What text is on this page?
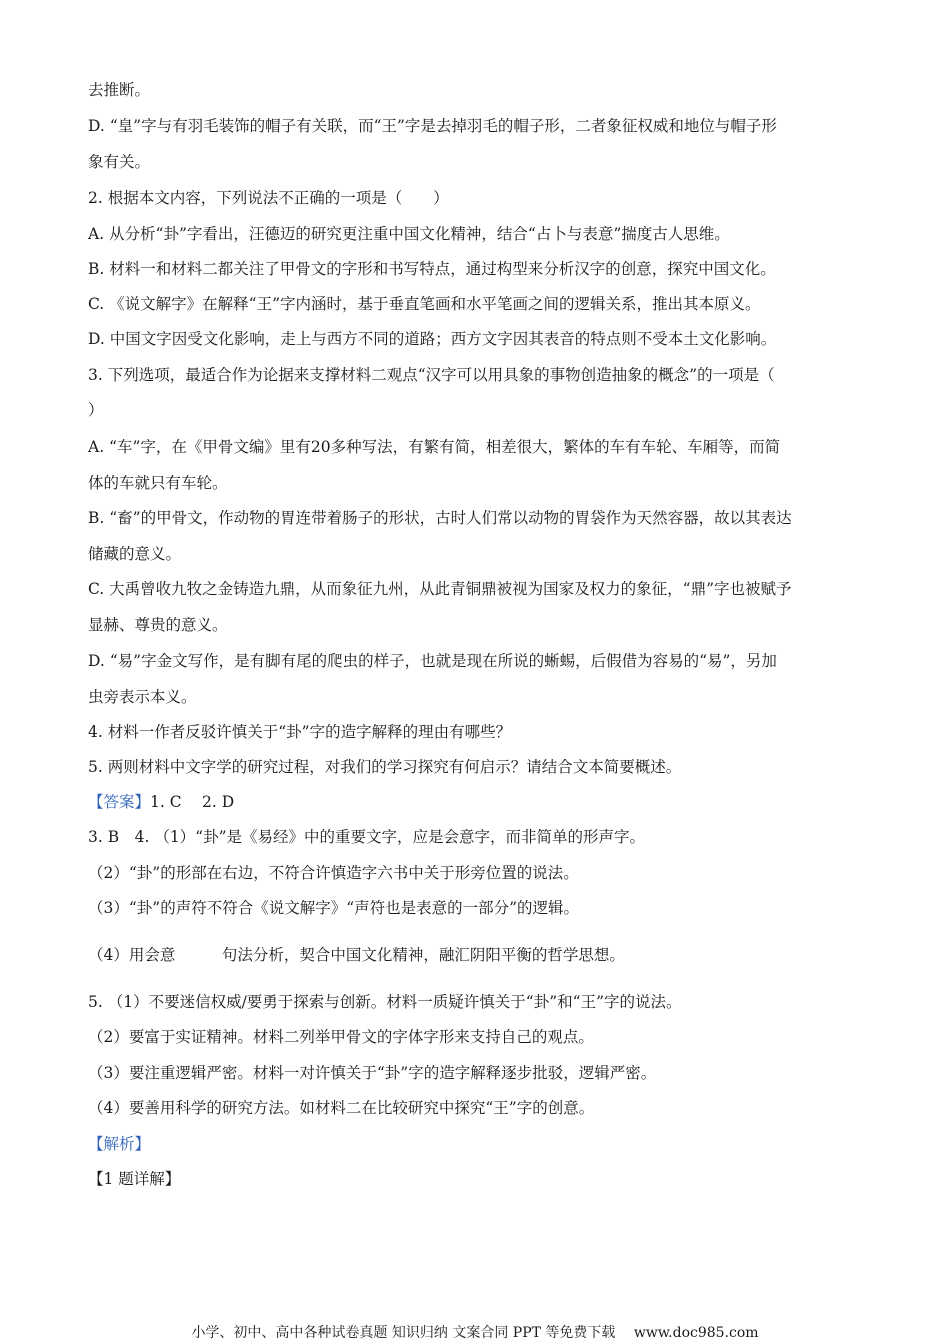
去推断。
D. “皇”字与有羽毛装饰的帽子有关联，而“王”字是去掉羽毛的帽子形，二者象征权威和地位与帽子形
象有关。
2. 根据本文内容，下列说法不正确的一项是（　　）
A. 从分析“卦”字看出，汪德迈的研究更注重中国文化精神，结合“占卜与表意”揣度古人思维。
B. 材料一和材料二都关注了甲骨文的字形和书写特点，通过构型来分析汉字的创意，探究中国文化。
C. 《说文解字》在解释“王”字内涵时，基于垂直笔画和水平笔画之间的逻辑关系，推出其本原义。
D. 中国文字因受文化影响，走上与西方不同的道路；西方文字因其表音的特点则不受本土文化影响。
3. 下列选项，最适合作为论据来支撑材料二观点“汉字可以用具象的事物创造抽象的概念”的一项是（
）
A. “车”字，在《甲骨文编》里有20多种写法，有繁有简，相差很大，繁体的车有车轮、车厢等，而简
体的车就只有车轮。
B. “畜”的甲骨文，作动物的胃连带着肠子的形状，古时人们常以动物的胃袋作为天然容器，故以其表达
储藏的意义。
C. 大禹曾收九牧之金铸造九鼎，从而象征九州，从此青铜鼎被视为国家及权力的象征，“鼎”字也被赋予
显赫、尊贵的意义。
D. “易”字金文写作，是有脚有尾的爬虫的样子，也就是现在所说的蜥蜴，后假借为容易的“易”，另加
虫旁表示本义。
4. 材料一作者反驳许慎关于“卦”字的造字解释的理由有哪些？
5. 两则材料中文字学的研究过程，对我们的学习探究有何启示？请结合文本简要概述。
【答案】1. C　 2. D
3. B　4. （1）“卦”是《易经》中的重要文字，应是会意字，而非简单的形声字。
（2）“卦”的形部在右边，不符合许慎造字六书中关于形旁位置的说法。
（3）“卦”的声符不符合《说文解字》“声符也是表意的一部分”的逻辑。
（4）用会意　　　句法分析，契合中国文化精神，融汇阴阳平衡的哲学思想。
5. （1）不要迷信权威/要勇于探索与创新。材料一质疑许慎关于“卦”和“王”字的说法。
（2）要富于实证精神。材料二列举甲骨文的字体字形来支持自己的观点。
（3）要注重逻辑严密。材料一对许慎关于“卦”字的造字解释逐步批驳，逻辑严密。
（4）要善用科学的研究方法。如材料二在比较研究中探究“王”字的创意。
【解析】
【1 题详解】
小学、初中、高中各种试卷真题 知识归纳 文案合同 PPT 等免费下载　 www.doc985.com
